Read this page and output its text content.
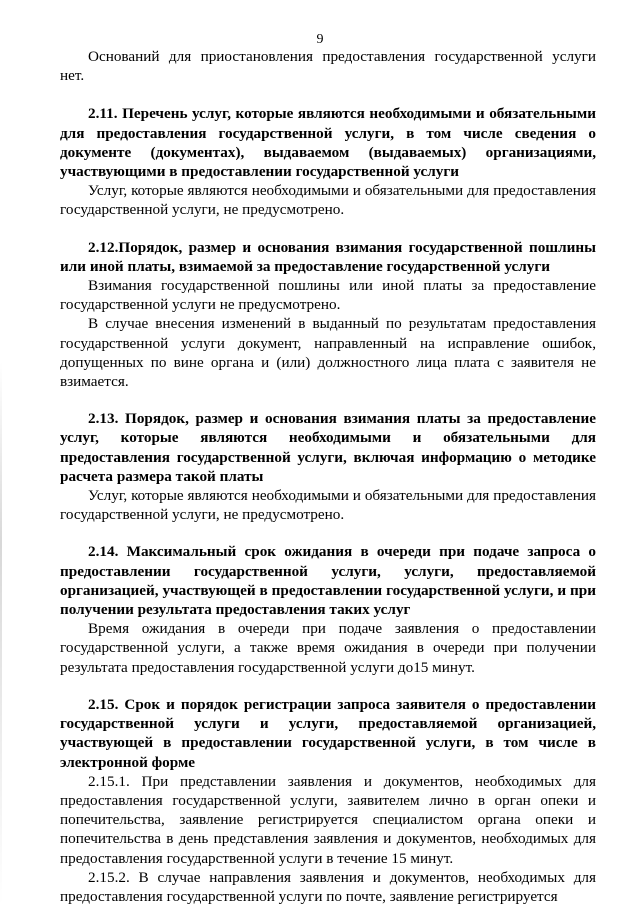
9

Оснований для приостановления предоставления государственной услуги нет.

2.11. Перечень услуг, которые являются необходимыми и обязательными для предоставления государственной услуги, в том числе сведения о документе (документах), выдаваемом (выдаваемых) организациями, участвующими в предоставлении государственной услуги

Услуг, которые являются необходимыми и обязательными для предоставления государственной услуги, не предусмотрено.

2.12.Порядок, размер и основания взимания государственной пошлины или иной платы, взимаемой за предоставление государственной услуги

Взимания государственной пошлины или иной платы за предоставление государственной услуги не предусмотрено.

В случае внесения изменений в выданный по результатам предоставления государственной услуги документ, направленный на исправление ошибок, допущенных по вине органа и (или) должностного лица плата с заявителя не взимается.

2.13. Порядок, размер и основания взимания платы за предоставление услуг, которые являются необходимыми и обязательными для предоставления государственной услуги, включая информацию о методике расчета размера такой платы

Услуг, которые являются необходимыми и обязательными для предоставления государственной услуги, не предусмотрено.

2.14. Максимальный срок ожидания в очереди при подаче запроса о предоставлении государственной услуги, услуги, предоставляемой организацией, участвующей в предоставлении государственной услуги, и при получении результата предоставления таких услуг

Время ожидания в очереди при подаче заявления о предоставлении государственной услуги, а также время ожидания в очереди при получении результата предоставления государственной услуги до15 минут.

2.15. Срок и порядок регистрации запроса заявителя о предоставлении государственной услуги и услуги, предоставляемой организацией, участвующей в предоставлении государственной услуги, в том числе в электронной форме

2.15.1. При представлении заявления и документов, необходимых для предоставления государственной услуги, заявителем лично в орган опеки и попечительства, заявление регистрируется специалистом органа опеки и попечительства в день представления заявления и документов, необходимых для предоставления государственной услуги в течение 15 минут.

2.15.2. В случае направления заявления и документов, необходимых для предоставления государственной услуги по почте, заявление регистрируется
